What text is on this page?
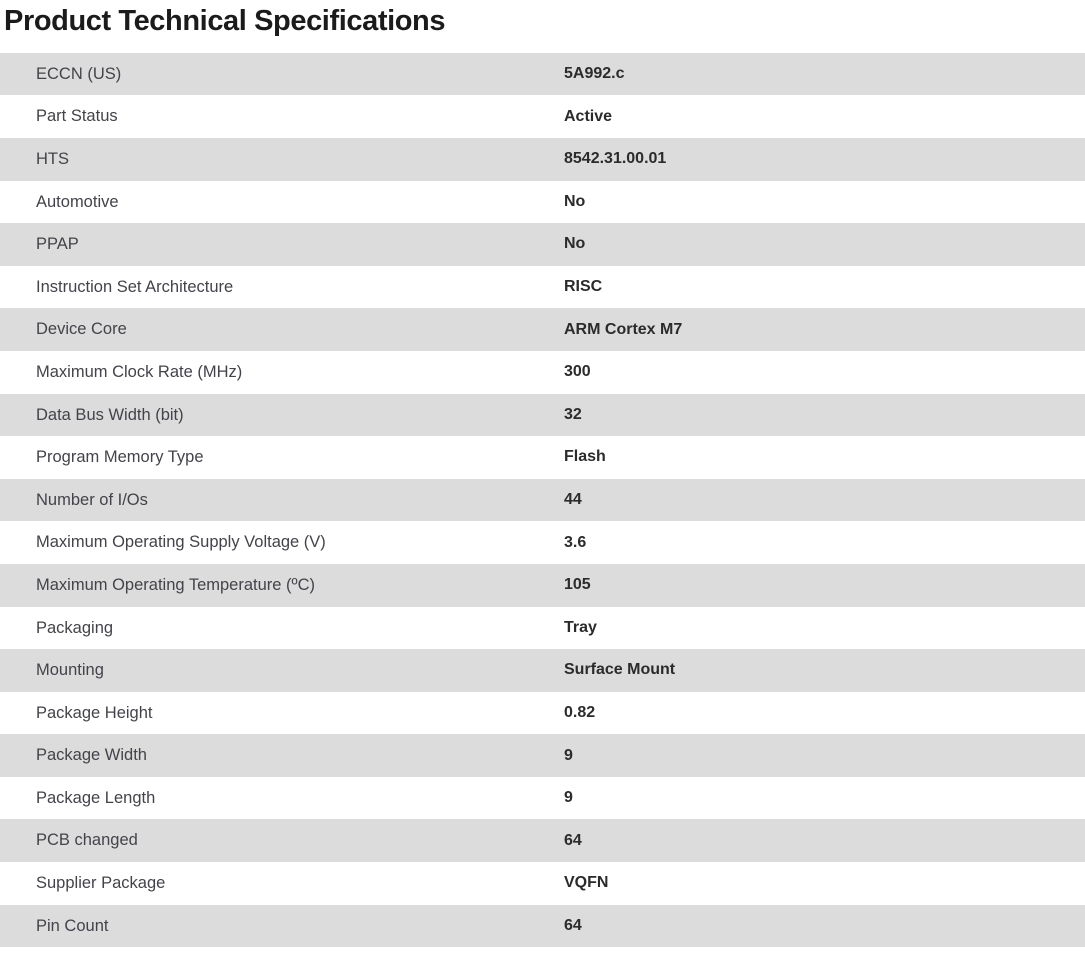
Product Technical Specifications
ECCN (US)	5A992.c
Part Status	Active
HTS	8542.31.00.01
Automotive	No
PPAP	No
Instruction Set Architecture	RISC
Device Core	ARM Cortex M7
Maximum Clock Rate (MHz)	300
Data Bus Width (bit)	32
Program Memory Type	Flash
Number of I/Os	44
Maximum Operating Supply Voltage (V)	3.6
Maximum Operating Temperature (ºC)	105
Packaging	Tray
Mounting	Surface Mount
Package Height	0.82
Package Width	9
Package Length	9
PCB changed	64
Supplier Package	VQFN
Pin Count	64
